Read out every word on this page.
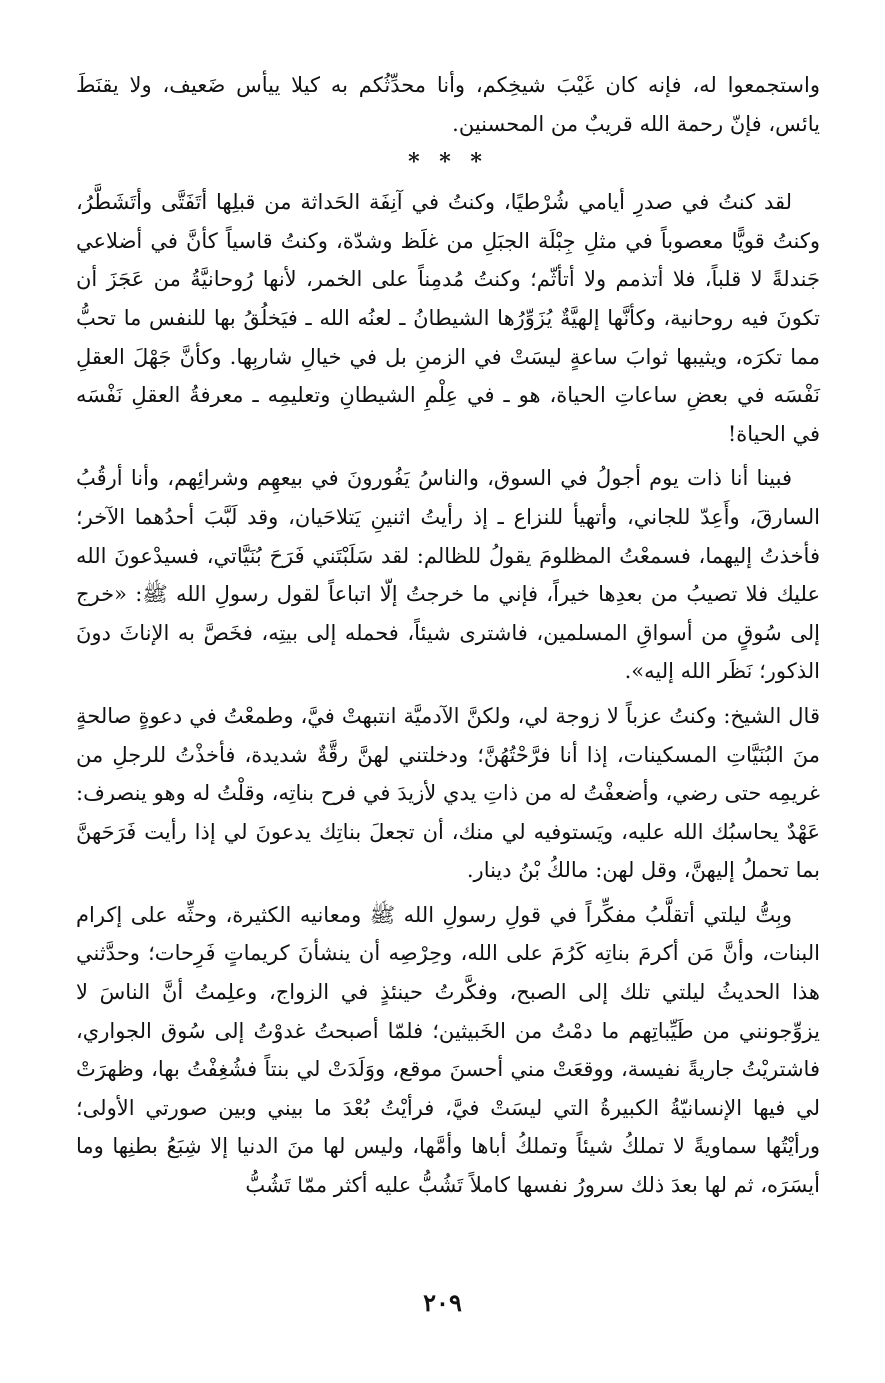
واستجمعوا له، فإنه كان غَيْبَ شيخِكم، وأنا محدِّثُكم به كيلا ييأس ضَعيف، ولا يقنَطَ يائس، فإنّ رحمة الله قريبٌ من المحسنين.

* * *

لقد كنتُ في صدرِ أيامي شُرْطيًا، وكنتُ في آنِفَة الحَداثة من قبلِها أتَفَتَّى وأتَشَطَّرُ، وكنتُ قويًّا معصوباً في مثلِ جِبْلَة الجبَلِ من غلَظ وشدّة، وكنتُ قاسياً كأنَّ في أضلاعي جَندلةً لا قلباً، فلا أتذمم ولا أتأثّم؛ وكنتُ مُدمِناً على الخمر، لأنها رُوحانيَّةُ من عَجَزَ أن تكونَ فيه روحانية، وكأنَّها إلهيَّةٌ يُزَوِّرُها الشيطانُ ـ لعنُه الله ـ فيَخلُقُ بها للنفس ما تحبُّ مما تكرَه، ويثيبها ثوابَ ساعةٍ ليسَتْ في الزمنِ بل في خيالِ شاربِها. وكأنَّ جَهْلَ العقلِ نَفْسَه في بعضِ ساعاتِ الحياة، هو ـ في عِلْمِ الشيطانِ وتعليمِه ـ معرفةُ العقلِ نَفْسَه في الحياة!

فبينا أنا ذات يوم أجولُ في السوق، والناسُ يَفُورونَ في بيعهِم وشرائِهم، وأنا أرقُبُ السارقَ، وأَعِدّ للجاني، وأتهيأ للنزاع ـ إذ رأيتُ اثنينِ يَتلاحَيان، وقد لَبَّبَ أحدُهما الآخر؛ فأخذتُ إليهما، فسمعْتُ المظلومَ يقولُ للظالم: لقد سَلَبْتَني فَرَحَ بُنَيَّاتي، فسيدْعونَ الله عليك فلا تصيبُ من بعدِها خيراً، فإني ما خرجتُ إلّا اتباعاً لقول رسولِ الله ﷺ: «خرج إلى سُوقٍ من أسواقِ المسلمين، فاشترى شيئاً، فحمله إلى بيتِه، فخَصَّ به الإناثَ دونَ الذكور؛ نَظَر الله إليه».

قال الشيخ: وكنتُ عزباً لا زوجة لي، ولكنَّ الآدميَّة انتبهتْ فيَّ، وطمعْتُ في دعوةٍ صالحةٍ منَ البُنَيَّاتِ المسكينات، إذا أنا فرَّحْتُهُنَّ؛ ودخلتني لهنَّ رقَّةٌ شديدة، فأخذْتُ للرجلِ من غريمِه حتى رضي، وأضعفْتُ له من ذاتِ يدي لأزيدَ في فرح بناتِه، وقلْتُ له وهو ينصرف: عَهْدٌ يحاسبُك الله عليه، ويَستوفيه لي منك، أن تجعلَ بناتِك يدعونَ لي إذا رأيت فَرَحَهنَّ بما تحملُ إليهنَّ، وقل لهن: مالكُ بْنُ دينار.

وبِتُّ ليلتي أتقلَّبُ مفكِّراً في قولِ رسولِ الله ﷺ ومعانيه الكثيرة، وحثِّه على إكرام البنات، وأنَّ مَن أكرمَ بناتِه كَرُمَ على الله، وحِرْصِه أن ينشأنَ كريماتٍ فَرِحات؛ وحدَّثني هذا الحديثُ ليلتي تلك إلى الصبح، وفكَّرتُ حينئذٍ في الزواج، وعلِمتُ أنَّ الناسَ لا يزوِّجونني من طَيِّباتِهم ما دمْتُ من الخَبيثين؛ فلمّا أصبحتُ غدوْتُ إلى سُوق الجواري، فاشتريْتُ جاريةً نفيسة، ووقعَتْ مني أحسنَ موقع، ووَلَدَتْ لي بنتاً فشُغِفْتُ بها، وظهرَتْ لي فيها الإنسانيّةُ الكبيرةُ التي ليسَتْ فيَّ، فرأيْتُ بُعْدَ ما بيني وبين صورتي الأولى؛ ورأيْتُها سماويةً لا تملكُ شيئاً وتملكُ أباها وأمَّها، وليس لها منَ الدنيا إلا شِبَعُ بطنِها وما أيسَرَه، ثم لها بعدَ ذلك سرورُ نفسها كاملاً تَشُبُّ عليه أكثر ممّا تَشُبُّ

٢٠٩
